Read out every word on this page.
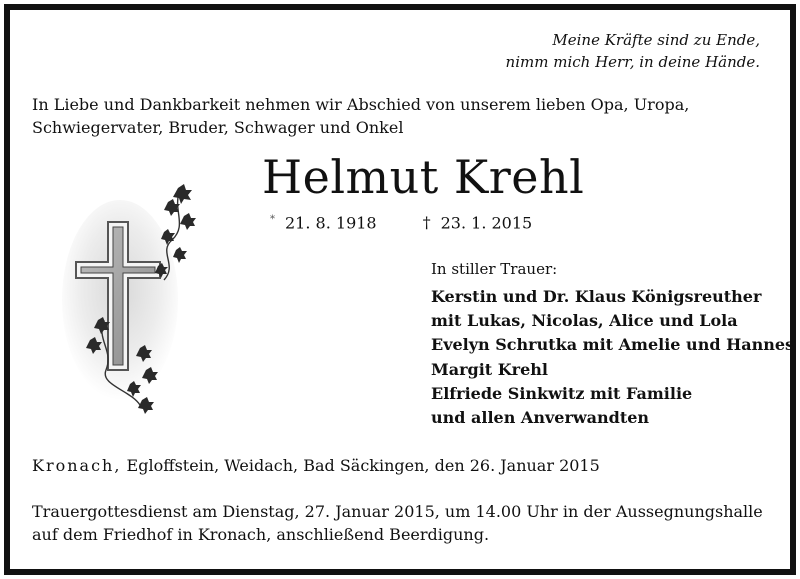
Meine Kräfte sind zu Ende,
nimm mich Herr, in deine Hände.
In Liebe und Dankbarkeit nehmen wir Abschied von unserem lieben Opa, Uropa, Schwiegervater, Bruder, Schwager und Onkel
Helmut Krehl
* 21. 8. 1918	† 23. 1. 2015
In stiller Trauer:
Kerstin und Dr. Klaus Königsreuther
mit Lukas, Nicolas, Alice und Lola
Evelyn Schrutka mit Amelie und Hannes
Margit Krehl
Elfriede Sinkwitz mit Familie
und allen Anverwandten
Kronach, Egloffstein, Weidach, Bad Säckingen, den 26. Januar 2015
Trauergottesdienst am Dienstag, 27. Januar 2015, um 14.00 Uhr in der Aussegnungshalle auf dem Friedhof in Kronach, anschließend Beerdigung.
